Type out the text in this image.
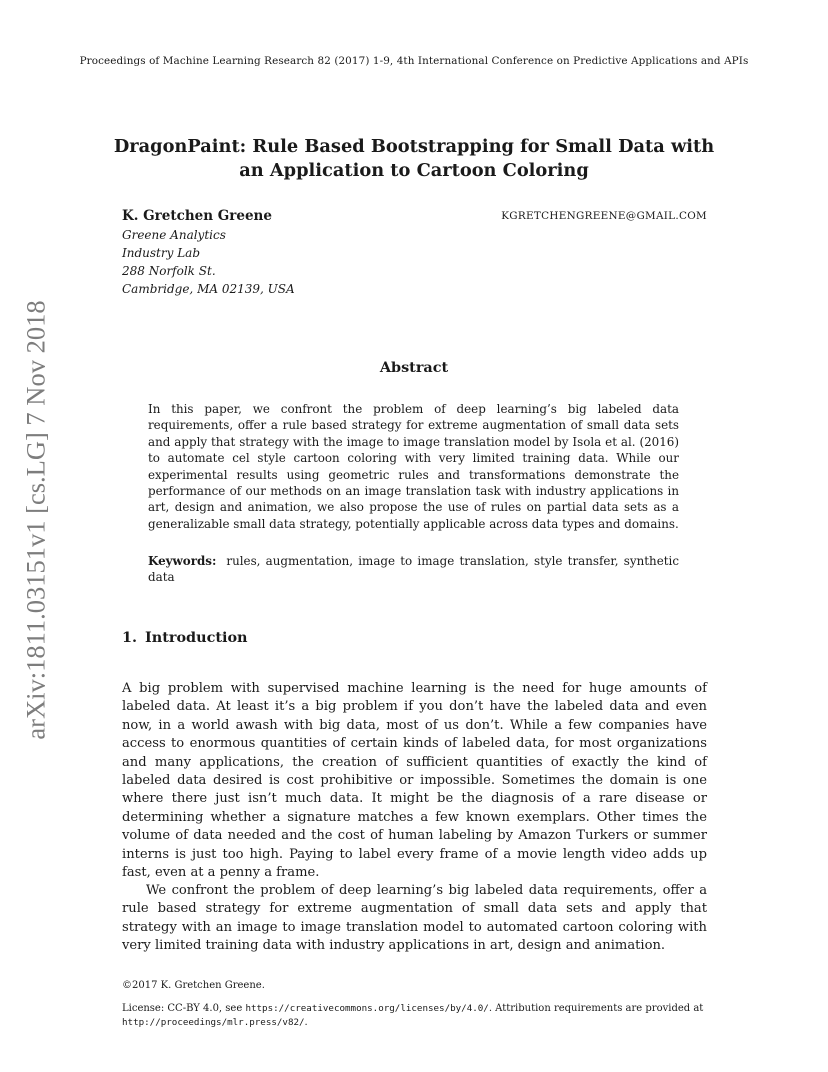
Proceedings of Machine Learning Research 82 (2017) 1-9, 4th International Conference on Predictive Applications and APIs
DragonPaint: Rule Based Bootstrapping for Small Data with
an Application to Cartoon Coloring
K. Gretchen Greene	KGRETCHENGREENE@GMAIL.COM
Greene Analytics
Industry Lab
288 Norfolk St.
Cambridge, MA 02139, USA
arXiv:1811.03151v1 [cs.LG] 7 Nov 2018	Abstract

In this paper, we confront the problem of deep learning’s big labeled data requirements, offer a rule based strategy for extreme augmentation of small data sets and apply that strategy with the image to image translation model by Isola et al. (2016) to automate cel style cartoon coloring with very limited training data. While our experimental results using geometric rules and transformations demonstrate the performance of our methods on an image translation task with industry applications in art, design and animation, we also propose the use of rules on partial data sets as a generalizable small data strategy, potentially applicable across data types and domains.

Keywords: rules, augmentation, image to image translation, style transfer, synthetic data
1. Introduction

A big problem with supervised machine learning is the need for huge amounts of labeled data. At least it’s a big problem if you don’t have the labeled data and even now, in a world awash with big data, most of us don’t. While a few companies have access to enormous quantities of certain kinds of labeled data, for most organizations and many applications, the creation of sufficient quantities of exactly the kind of labeled data desired is cost prohibitive or impossible. Sometimes the domain is one where there just isn’t much data. It might be the diagnosis of a rare disease or determining whether a signature matches a few known exemplars. Other times the volume of data needed and the cost of human labeling by Amazon Turkers or summer interns is just too high. Paying to label every frame of a movie length video adds up fast, even at a penny a frame.

We confront the problem of deep learning’s big labeled data requirements, offer a rule based strategy for extreme augmentation of small data sets and apply that strategy with an image to image translation model to automated cartoon coloring with very limited training data with industry applications in art, design and animation.

©2017 K. Gretchen Greene.
License: CC-BY 4.0, see https://creativecommons.org/licenses/by/4.0/. Attribution requirements are provided at http://proceedings/mlr.press/v82/.
